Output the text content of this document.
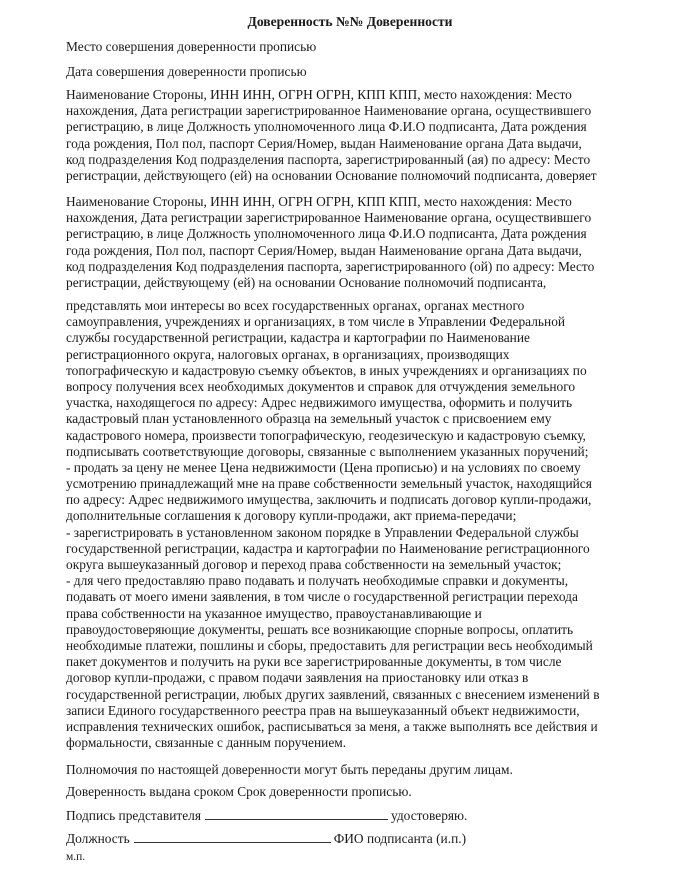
Доверенность №№ Доверенности
Место совершения доверенности прописью
Дата совершения доверенности прописью
Наименование Стороны, ИНН ИНН, ОГРН ОГРН, КПП КПП, место нахождения: Место
нахождения, Дата регистрации зарегистрированное Наименование органа, осуществившего
регистрацию, в лице Должность уполномоченного лица Ф.И.О подписанта, Дата рождения
года рождения, Пол пол, паспорт Серия/Номер, выдан Наименование органа Дата выдачи,
код подразделения Код подразделения паспорта, зарегистрированный (ая) по адресу: Место
регистрации, действующего (ей) на основании Основание полномочий подписанта, доверяет
Наименование Стороны, ИНН ИНН, ОГРН ОГРН, КПП КПП, место нахождения: Место
нахождения, Дата регистрации зарегистрированное Наименование органа, осуществившего
регистрацию, в лице Должность уполномоченного лица Ф.И.О подписанта, Дата рождения
года рождения, Пол пол, паспорт Серия/Номер, выдан Наименование органа Дата выдачи,
код подразделения Код подразделения паспорта, зарегистрированного (ой) по адресу: Место
регистрации, действующему (ей) на основании Основание полномочий подписанта,
представлять мои интересы во всех государственных органах, органах местного
самоуправления, учреждениях и организациях, в том числе в Управлении Федеральной
службы государственной регистрации, кадастра и картографии по Наименование
регистрационного округа, налоговых органах, в организациях, производящих
топографическую и кадастровую съемку объектов, в иных учреждениях и организациях по
вопросу получения всех необходимых документов и справок для отчуждения земельного
участка, находящегося по адресу: Адрес недвижимого имущества, оформить и получить
кадастровый план установленного образца на земельный участок с присвоением ему
кадастрового номера, произвести топографическую, геодезическую и кадастровую съемку,
подписывать соответствующие договоры, связанные с выполнением указанных поручений;
- продать за цену не менее Цена недвижимости (Цена прописью) и на условиях по своему
усмотрению принадлежащий мне на праве собственности земельный участок, находящийся
по адресу: Адрес недвижимого имущества, заключить и подписать договор купли-продажи,
дополнительные соглашения к договору купли-продажи, акт приема-передачи;
- зарегистрировать в установленном законом порядке в Управлении Федеральной службы
государственной регистрации, кадастра и картографии по Наименование регистрационного
округа вышеуказанный договор и переход права собственности на земельный участок;
- для чего предоставляю право подавать и получать необходимые справки и документы,
подавать от моего имени заявления, в том числе о государственной регистрации перехода
права собственности на указанное имущество, правоустанавливающие и
правоудостоверяющие документы, решать все возникающие спорные вопросы, оплатить
необходимые платежи, пошлины и сборы, предоставить для регистрации весь необходимый
пакет документов и получить на руки все зарегистрированные документы, в том числе
договор купли-продажи, с правом подачи заявления на приостановку или отказ в
государственной регистрации, любых других заявлений, связанных с внесением изменений в
записи Единого государственного реестра прав на вышеуказанный объект недвижимости,
исправления технических ошибок, расписываться за меня, а также выполнять все действия и
формальности, связанные с данным поручением.
Полномочия по настоящей доверенности могут быть переданы другим лицам.
Доверенность выдана сроком Срок доверенности прописью.
Подпись представителя	удостоверяю.
Должность	ФИО подписанта (и.п.)
м.п.
